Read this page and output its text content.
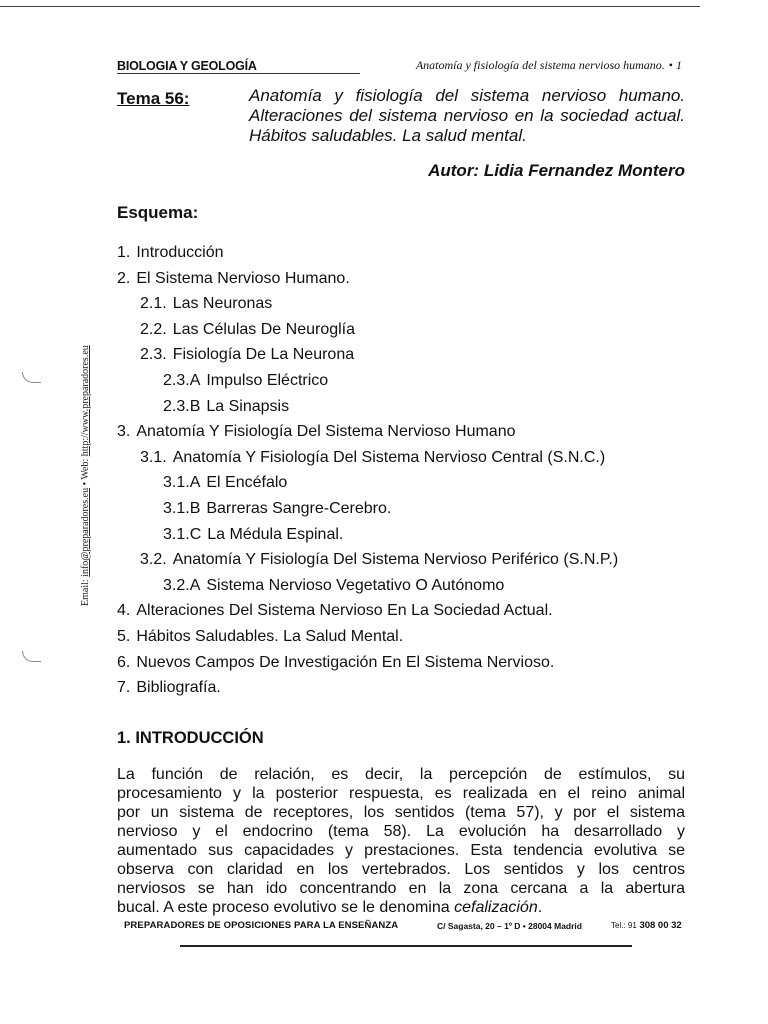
BIOLOGIA Y GEOLOGÍA	Anatomía y fisiología del sistema nervioso humano. • 1
Tema 56:	Anatomía y fisiología del sistema nervioso humano. Alteraciones del sistema nervioso en la sociedad actual. Hábitos saludables. La salud mental.
Autor: Lidia Fernandez Montero
Esquema:
1. Introducción
2. El Sistema Nervioso Humano.
2.1. Las Neuronas
2.2. Las Células De Neuroglía
2.3. Fisiología De La Neurona
2.3.A Impulso Eléctrico
2.3.B La Sinapsis
3. Anatomía Y Fisiología Del Sistema Nervioso Humano
3.1. Anatomía Y Fisiología Del Sistema Nervioso Central (S.N.C.)
3.1.A El Encéfalo
3.1.B Barreras Sangre-Cerebro.
3.1.C La Médula Espinal.
3.2. Anatomía Y Fisiología Del Sistema Nervioso Periférico (S.N.P.)
3.2.A Sistema Nervioso Vegetativo O Autónomo
4. Alteraciones Del Sistema Nervioso En La Sociedad Actual.
5. Hábitos Saludables. La Salud Mental.
6. Nuevos Campos De Investigación En El Sistema Nervioso.
7. Bibliografía.
1. INTRODUCCIÓN
La función de relación, es decir, la percepción de estímulos, su
procesamiento y la posterior respuesta, es realizada en el reino animal
por un sistema de receptores, los sentidos (tema 57), y por el sistema
nervioso y el endocrino (tema 58). La evolución ha desarrollado y
aumentado sus capacidades y prestaciones. Esta tendencia evolutiva se
observa con claridad en los vertebrados. Los sentidos y los centros
nerviosos se han ido concentrando en la zona cercana a la abertura
bucal. A este proceso evolutivo se le denomina cefalización.
PREPARADORES DE OPOSICIONES PARA LA ENSEÑANZA	C/ Sagasta, 20 – 1º D • 28004 Madrid	Tel.: 91 308 00 32
Email: info@preparadores.eu • Web: http://www.preparadores.eu
